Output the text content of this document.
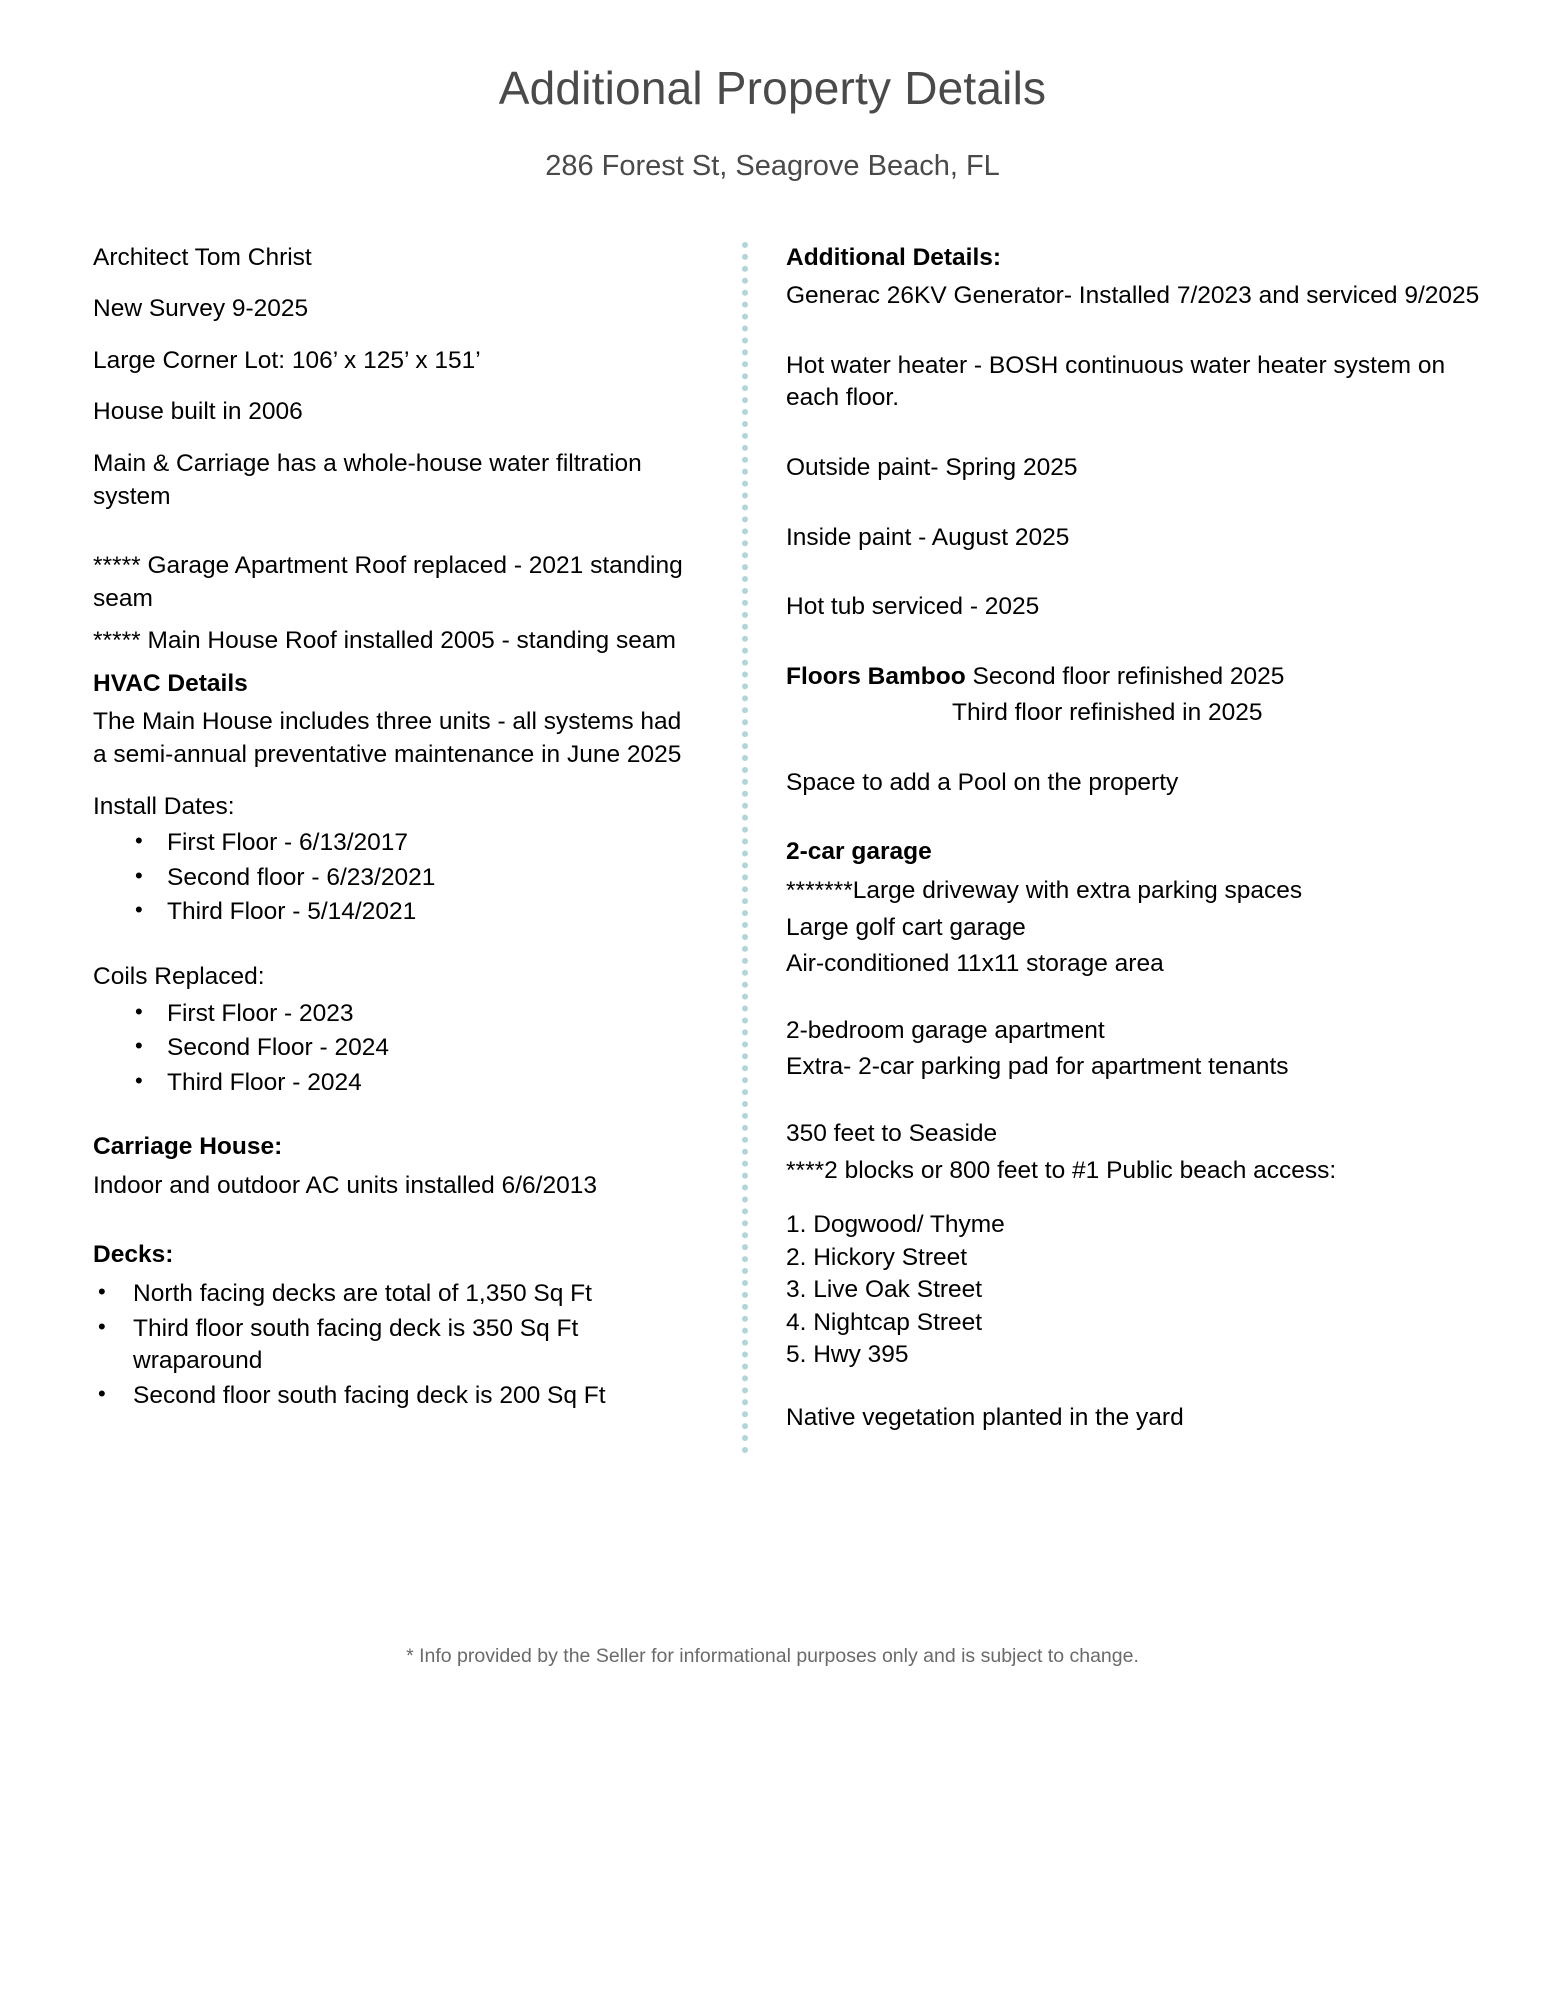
Additional Property Details
286 Forest St, Seagrove Beach, FL

Architect Tom Christ

New Survey 9-2025

Large Corner Lot: 106’ x 125’ x 151’

House built in 2006

Main & Carriage has a whole-house water filtration system

***** Garage Apartment Roof replaced - 2021 standing seam

***** Main House Roof installed 2005 - standing seam

HVAC Details

The Main House includes three units - all systems had a semi-annual preventative maintenance in June 2025

Install Dates:

• First Floor - 6/13/2017
• Second floor - 6/23/2021
• Third Floor - 5/14/2021

Coils Replaced:

• First Floor - 2023
• Second Floor - 2024
• Third Floor - 2024
Carriage House:

Indoor and outdoor AC units installed 6/6/2013

Decks:
• North facing decks are total of 1,350 Sq Ft
• Third floor south facing deck is 350 Sq Ft wraparound
• Second floor south facing deck is 200 Sq Ft
Additional Details:

Generac 26KV Generator- Installed 7/2023 and serviced 9/2025

Hot water heater - BOSH continuous water heater system on each floor.

Outside paint- Spring 2025

Inside paint - August 2025

Hot tub serviced - 2025

Floors Bamboo Second floor refinished 2025

Third floor refinished in 2025

Space to add a Pool on the property

2-car garage

*******Large driveway with extra parking spaces

Large golf cart garage

Air-conditioned 11x11 storage area

2-bedroom garage apartment

Extra- 2-car parking pad for apartment tenants

350 feet to Seaside

****2 blocks or 800 feet to #1 Public beach access:

1. Dogwood/ Thyme
2. Hickory Street
3. Live Oak Street
4. Nightcap Street
5. Hwy 395

Native vegetation planted in the yard

* Info provided by the Seller for informational purposes only and is subject to change.
